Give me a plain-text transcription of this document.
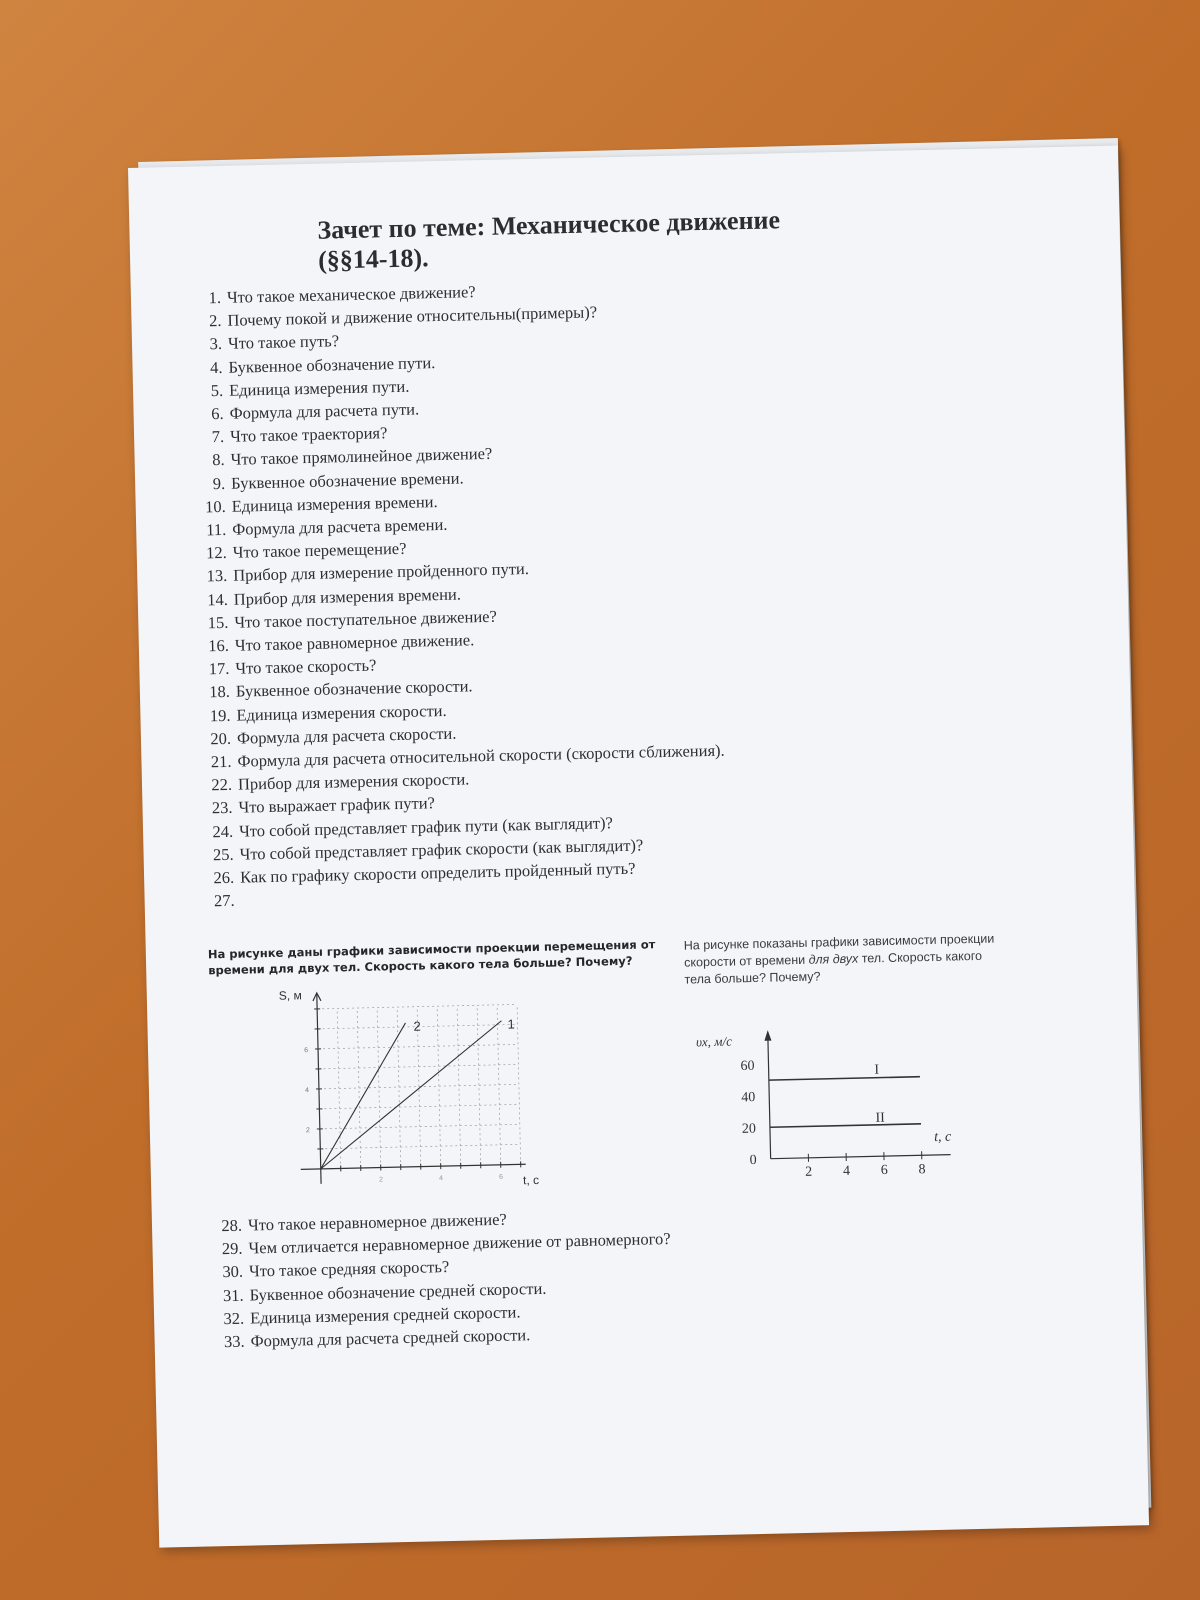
Зачет по теме: Механическое движение (§§14-18).
1. Что такое механическое движение?
2. Почему покой и движение относительны(примеры)?
3. Что такое путь?
4. Буквенное обозначение пути.
5. Единица измерения пути.
6. Формула для расчета пути.
7. Что такое траектория?
8. Что такое прямолинейное движение?
9. Буквенное обозначение времени.
10. Единица измерения времени.
11. Формула для расчета времени.
12. Что такое перемещение?
13. Прибор для измерение пройденного пути.
14. Прибор для измерения времени.
15. Что такое поступательное движение?
16. Что такое равномерное движение.
17. Что такое скорость?
18. Буквенное обозначение скорости.
19. Единица измерения скорости.
20. Формула для расчета скорости.
21. Формула для расчета относительной скорости (скорости сближения).
22. Прибор для измерения скорости.
23. Что выражает график пути?
24. Что собой представляет график пути (как выглядит)?
25. Что собой представляет график скорости (как выглядит)?
26. Как по графику скорости определить пройденный путь?
27.
На рисунке даны графики зависимости проекции перемещения от времени для двух тел. Скорость какого тела больше? Почему?
На рисунке показаны графики зависимости проекции скорости от времени для двух тел. Скорость какого тела больше? Почему?
6
4
2
2	4	6
S, м
t, c
2	1
60
40
20
0
2 4 6 8
υx, м/с
t, c
I
II
28. Что такое неравномерное движение?
29. Чем отличается неравномерное движение от равномерного?
30. Что такое средняя скорость?
31. Буквенное обозначение средней скорости.
32. Единица измерения средней скорости.
33. Формула для расчета средней скорости.
